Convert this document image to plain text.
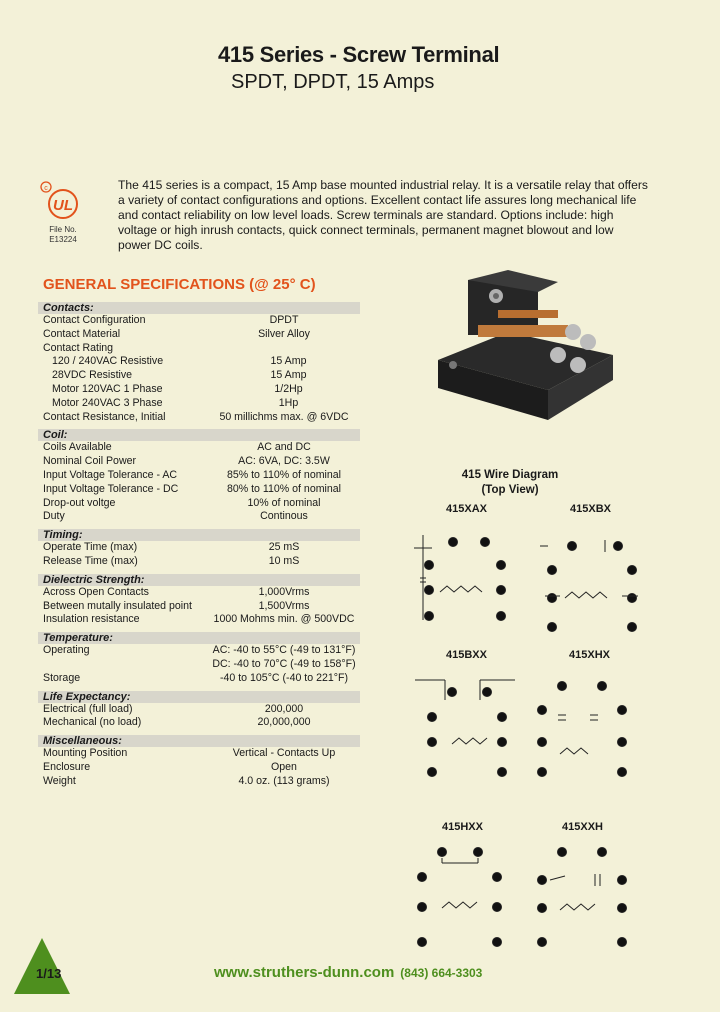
415 Series - Screw Terminal
SPDT, DPDT, 15 Amps
c
UL
File No.
E13224
The 415 series is a compact, 15 Amp base mounted industrial relay. It is a versatile relay that offers a variety of contact configurations and options. Excellent contact life assures long mechanical life and contact reliability on low level loads. Screw terminals are standard. Options include: high voltage or high inrush contacts, quick connect terminals, permanent magnet blowout and low power DC coils.
GENERAL SPECIFICATIONS (@ 25° C)
Contacts:
Contact Configuration	DPDT
Contact Material	Silver Alloy
Contact Rating
120 / 240VAC Resistive	15 Amp
28VDC Resistive	15 Amp
Motor 120VAC 1 Phase	1/2Hp
Motor 240VAC 3 Phase	1Hp
Contact Resistance, Initial	50 millichms max. @ 6VDC
Coil:
Coils Available	AC and DC
Nominal Coil Power	AC: 6VA, DC: 3.5W
Input Voltage Tolerance - AC	85% to 110% of nominal
Input Voltage Tolerance - DC	80% to 110% of nominal
Drop-out voltge	10% of nominal
Duty	Continous
Timing:
Operate Time (max)	25 mS
Release Time (max)	10 mS
Dielectric Strength:
Across Open Contacts	1,000Vrms
Between mutally insulated point	1,500Vrms
Insulation resistance	1000 Mohms min. @ 500VDC
Temperature:
Operating	AC: -40 to 55°C (-49 to 131°F)
DC: -40 to 70°C (-49 to 158°F)
Storage	-40 to 105°C (-40 to 221°F)
Life Expectancy:
Electrical (full load)	200,000
Mechanical (no load)	20,000,000
Miscellaneous:
Mounting Position	Vertical - Contacts Up
Enclosure	Open
Weight	4.0 oz. (113 grams)
415 Wire Diagram
(Top View)
415XAX	415XBX
415BXX	415XHX
415HXX	415XXH
1/13	www.struthers-dunn.com (843) 664-3303
